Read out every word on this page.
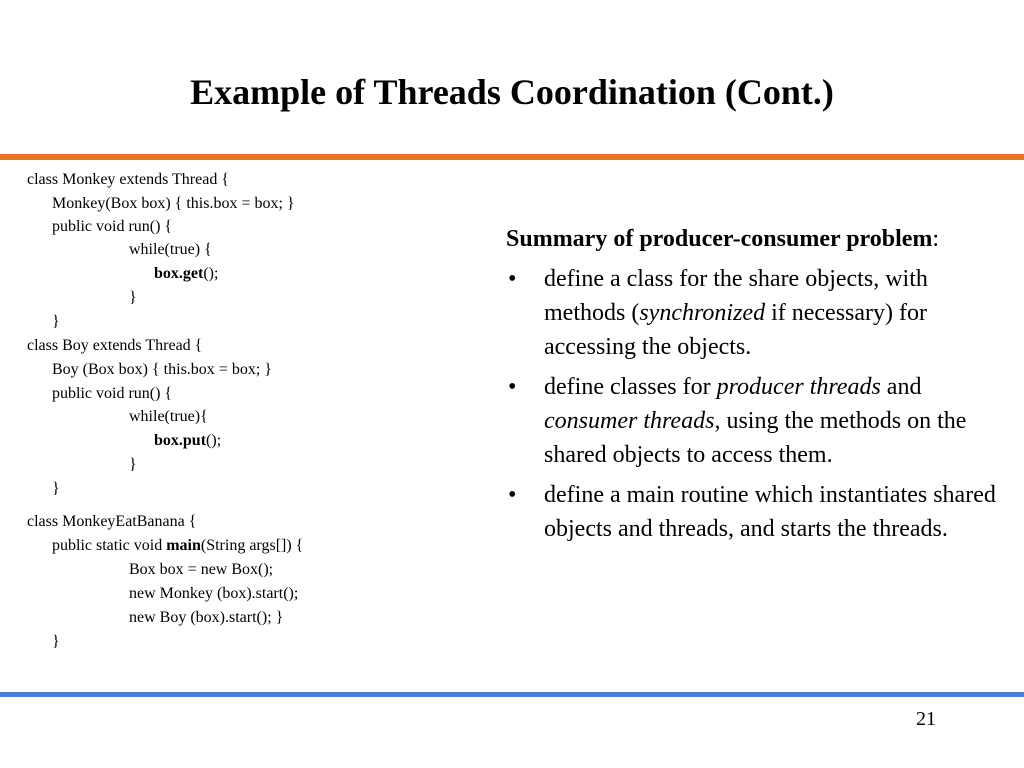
Example of Threads Coordination (Cont.)
class Monkey extends Thread {
Monkey(Box box) { this.box = box; }
public void run() {
while(true) {
box.get();
}
}
class Boy extends Thread {
Boy (Box box) { this.box = box; }
public void run() {
while(true){
box.put();
}
}
class MonkeyEatBanana {
public static void main(String args[]) {
Box box = new Box();
new Monkey (box).start();
new Boy (box).start(); }
}

Summary of producer-consumer problem:

• define a class for the share objects, with methods (synchronized if necessary) for accessing the objects.

• define classes for producer threads and consumer threads, using the methods on the shared objects to access them.

• define a main routine which instantiates shared objects and threads, and starts the threads.

21
